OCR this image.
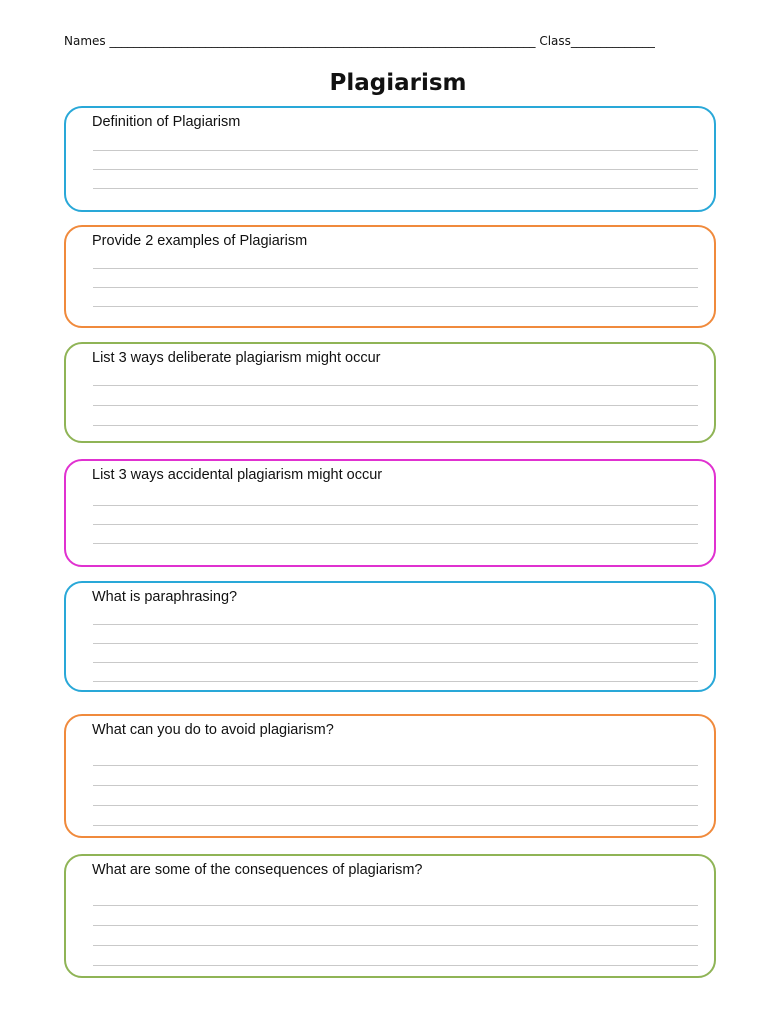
Names _______________________________________________________________________ Class______________
Plagiarism
Definition of Plagiarism
Provide 2 examples of Plagiarism
List 3 ways deliberate plagiarism might occur
List 3 ways accidental plagiarism might occur
What is paraphrasing?
What can you do to avoid plagiarism?
What are some of the consequences of plagiarism?
